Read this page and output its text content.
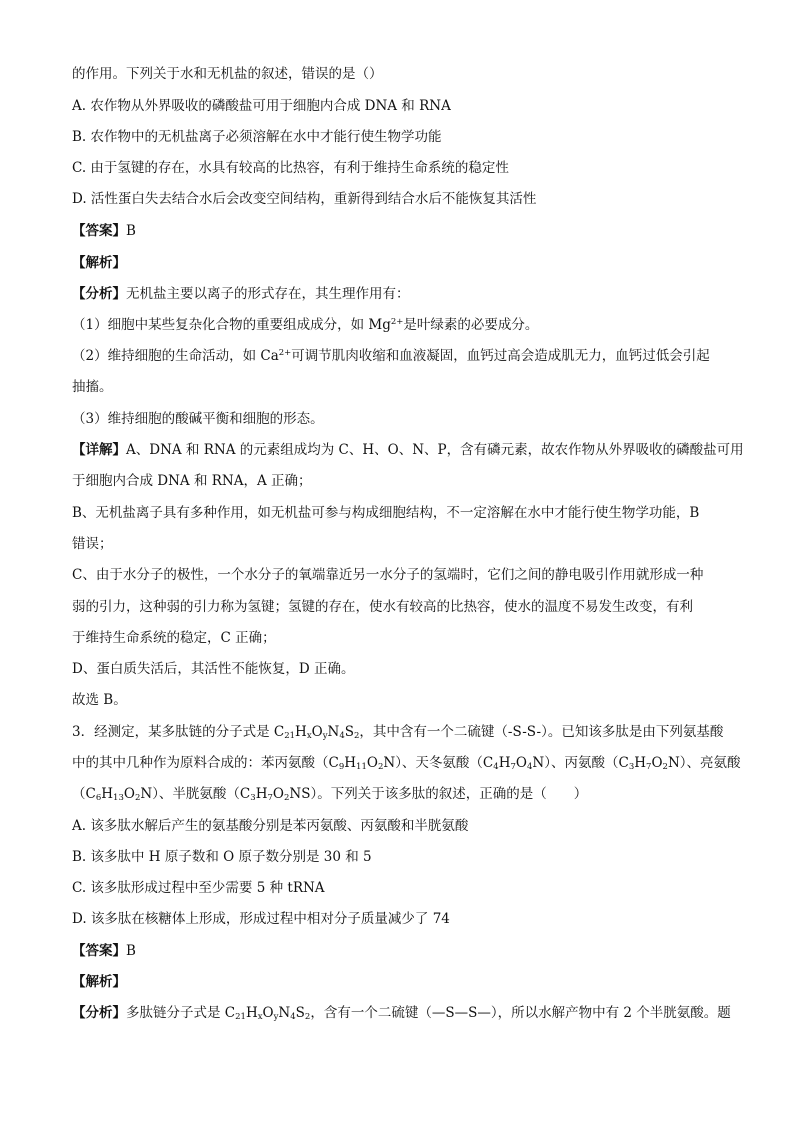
的作用。下列关于水和无机盐的叙述，错误的是（）
A. 农作物从外界吸收的磷酸盐可用于细胞内合成 DNA 和 RNA
B. 农作物中的无机盐离子必须溶解在水中才能行使生物学功能
C. 由于氢键的存在，水具有较高的比热容，有利于维持生命系统的稳定性
D. 活性蛋白失去结合水后会改变空间结构，重新得到结合水后不能恢复其活性
【答案】B
【解析】
【分析】无机盐主要以离子的形式存在，其生理作用有：
（1）细胞中某些复杂化合物的重要组成成分，如 $Mg^{2+}$是叶绿素的必要成分。
（2）维持细胞的生命活动，如 $Ca^{2+}$可调节肌肉收缩和血液凝固，血钙过高会造成肌无力，血钙过低会引起
抽搐。
（3）维持细胞的酸碱平衡和细胞的形态。
【详解】A、DNA 和 RNA 的元素组成均为 C、H、O、N、P，含有磷元素，故农作物从外界吸收的磷酸盐可用
于细胞内合成 DNA 和 RNA，A 正确；
B、无机盐离子具有多种作用，如无机盐可参与构成细胞结构，不一定溶解在水中才能行使生物学功能，B
错误；
C、由于水分子的极性，一个水分子的氧端靠近另一水分子的氢端时，它们之间的静电吸引作用就形成一种
弱的引力，这种弱的引力称为氢键；氢键的存在，使水有较高的比热容，使水的温度不易发生改变，有利
于维持生命系统的稳定，C 正确；
D、蛋白质失活后，其活性不能恢复，D 正确。
故选 B。
3．经测定，某多肽链的分子式是 $C_{21}H_xO_yN_4S_2$，其中含有一个二硫键（-S-S-）。已知该多肽是由下列氨基酸
中的其中几种作为原料合成的：苯丙氨酸$(C_9H_{11}O_2N)$、天冬氨酸$(C_4H_7O_4N)$、丙氨酸$(C_3H_7O_2N)$、亮氨酸
$(C_6H_{13}O_2N)$、半胱氨酸$(C_3H_7O_2NS)$。下列关于该多肽的叙述，正确的是（　　）
A. 该多肽水解后产生的氨基酸分别是苯丙氨酸、丙氨酸和半胱氨酸
B. 该多肽中 H 原子数和 O 原子数分别是 30 和 5
C. 该多肽形成过程中至少需要 5 种 tRNA
D. 该多肽在核糖体上形成，形成过程中相对分子质量减少了 74
【答案】B
【解析】
【分析】多肽链分子式是 $C_{21}H_xO_yN_4S_2$，含有一个二硫键（—S—S—），所以水解产物中有 2 个半胱氨酸。题
